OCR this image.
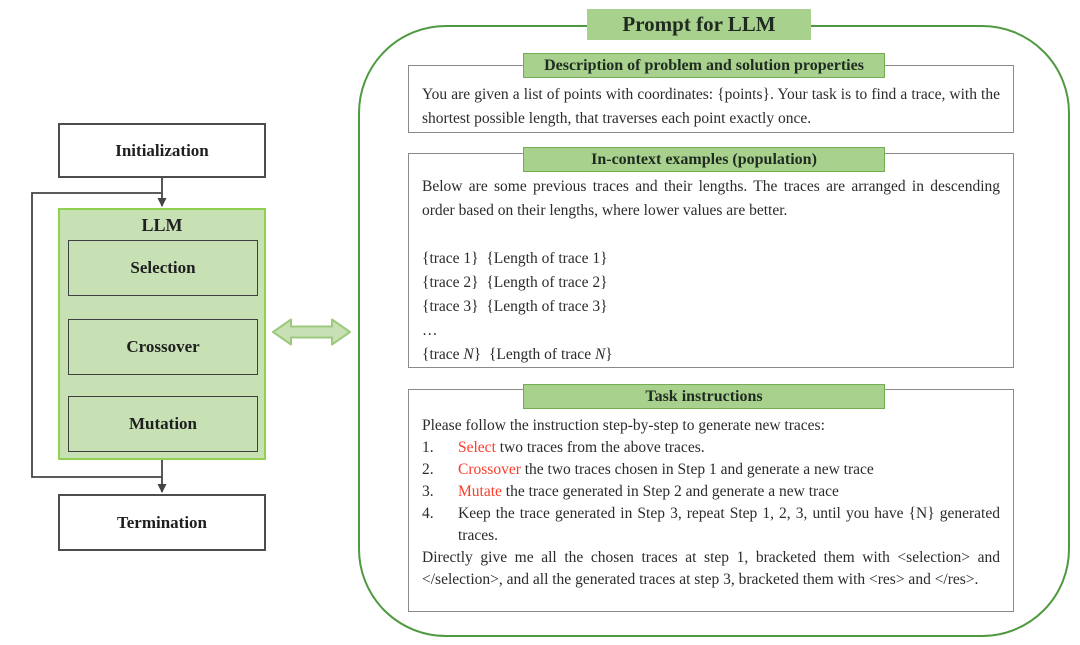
Initialization
LLM
Selection
Crossover
Mutation
Termination
Prompt for LLM
Description of problem and solution properties

You are given a list of points with coordinates: {points}. Your task is to find a trace, with the shortest possible length, that traverses each point exactly once.

In-context examples (population)

Below are some previous traces and their lengths. The traces are arranged in descending order based on their lengths, where lower values are better.

{trace 1}  {Length of trace 1}
{trace 2}  {Length of trace 2}
{trace 3}  {Length of trace 3}
…
{trace N}  {Length of trace N}
Task instructions

Please follow the instruction step-by-step to generate new traces:

1.	Select two traces from the above traces.
2.	Crossover the two traces chosen in Step 1 and generate a new trace
3.	Mutate the trace generated in Step 2 and generate a new trace
4.	Keep the trace generated in Step 3, repeat Step 1, 2, 3, until you have {N} generated traces.

Directly give me all the chosen traces at step 1, bracketed them with <selection> and </selection>, and all the generated traces at step 3, bracketed them with <res> and </res>.
